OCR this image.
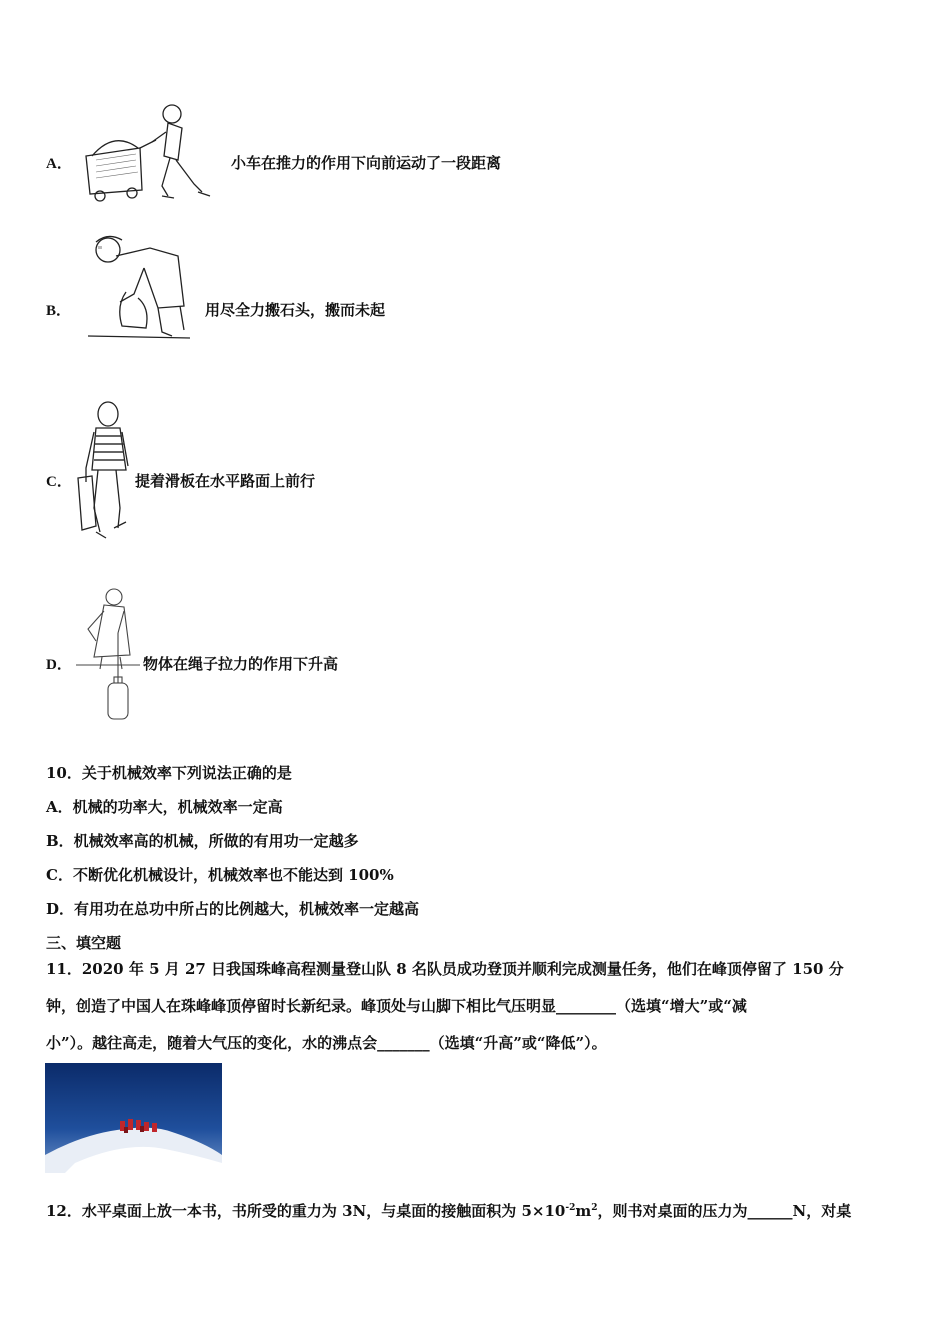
A．	小车在推力的作用下向前运动了一段距离
B．	用尽全力搬石头，搬而未起
C．	提着滑板在水平路面上前行
D．	物体在绳子拉力的作用下升高
10．关于机械效率下列说法正确的是
A．机械的功率大，机械效率一定高
B．机械效率高的机械，所做的有用功一定越多
C．不断优化机械设计，机械效率也不能达到 100%
D．有用功在总功中所占的比例越大，机械效率一定越高
三、填空题
11．2020 年 5 月 27 日我国珠峰高程测量登山队 8 名队员成功登顶并顺利完成测量任务，他们在峰顶停留了 150 分
钟，创造了中国人在珠峰峰顶停留时长新纪录。峰顶处与山脚下相比气压明显________（选填“增大”或“减
小”）。越往高走，随着大气压的变化，水的沸点会_______（选填“升高”或“降低”）。
12．水平桌面上放一本书，书所受的重力为 3N，与桌面的接触面积为 $5\times 10^{-2}m^2$，则书对桌面的压力为______N，对桌
